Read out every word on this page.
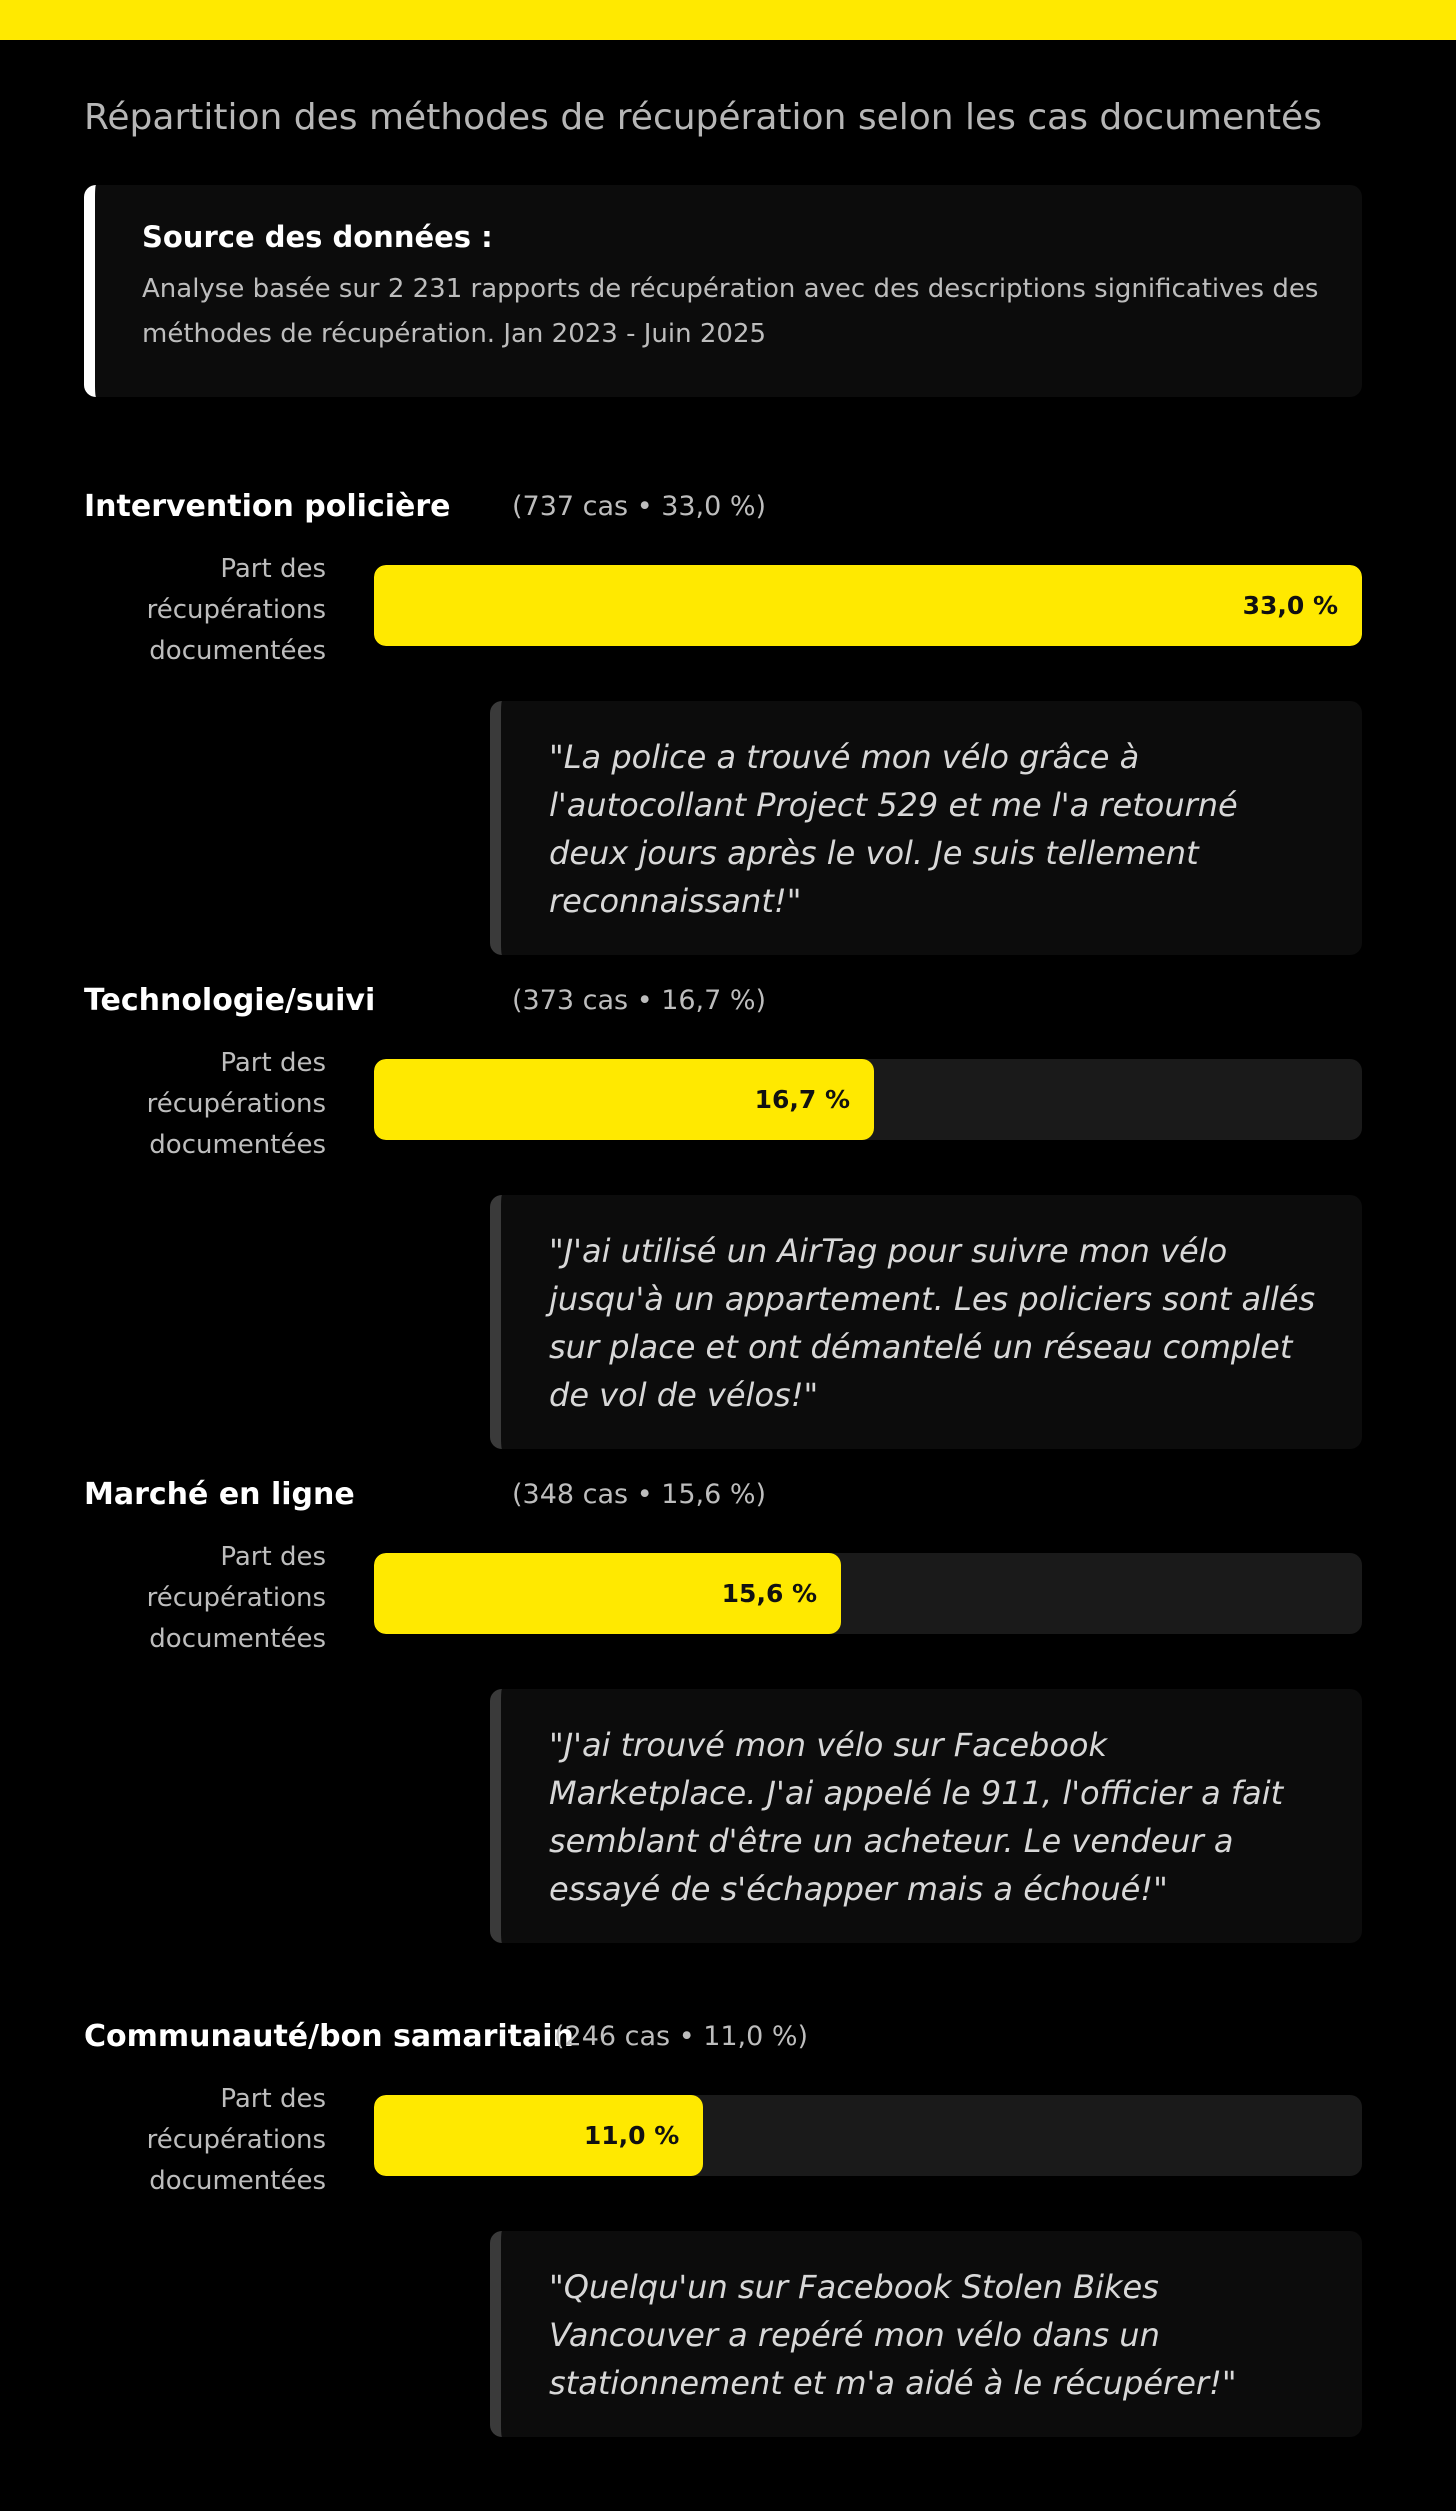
Répartition des méthodes de récupération selon les cas documentés

Source des données :

Analyse basée sur 2 231 rapports de récupération avec des descriptions significatives des méthodes de récupération. Jan 2023 - Juin 2025

Intervention policière (737 cas • 33,0 %)
Part des récupérations documentées
33,0 %

"La police a trouvé mon vélo grâce à l'autocollant Project 529 et me l'a retourné deux jours après le vol. Je suis tellement reconnaissant!"

Technologie/suivi	(373 cas • 16,7 %)
Part des récupérations documentées
16,7 %

"J'ai utilisé un AirTag pour suivre mon vélo jusqu'à un appartement. Les policiers sont allés sur place et ont démantelé un réseau complet de vol de vélos!"

Marché en ligne	(348 cas • 15,6 %)
Part des récupérations documentées
15,6 %

"J'ai trouvé mon vélo sur Facebook Marketplace. J'ai appelé le 911, l'officier a fait semblant d'être un acheteur. Le vendeur a essayé de s'échapper mais a échoué!"

Communauté/bon samaritain
(246 cas • 11,0 %)
Part des récupérations documentées
11,0 %

"Quelqu'un sur Facebook Stolen Bikes Vancouver a repéré mon vélo dans un stationnement et m'a aidé à le récupérer!"
